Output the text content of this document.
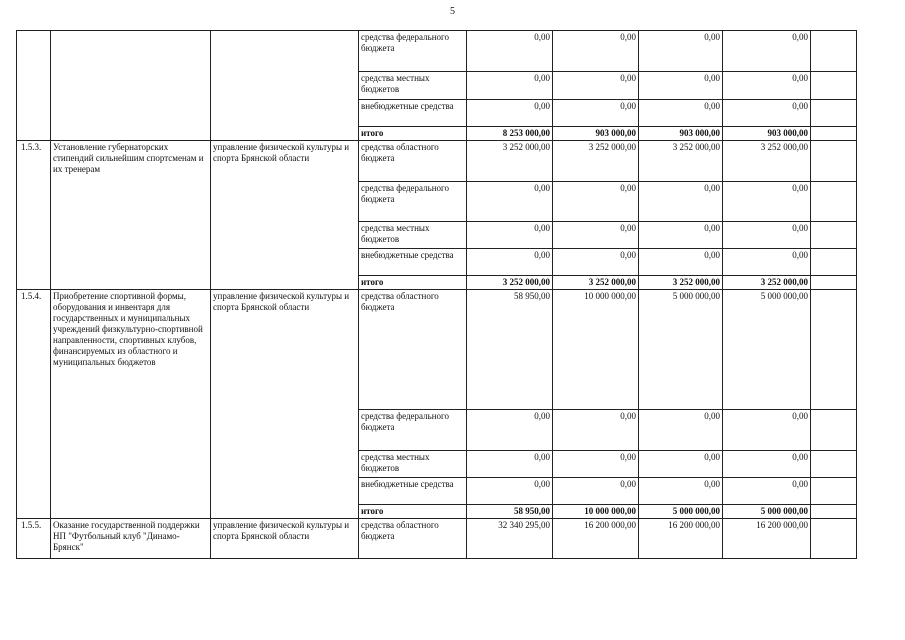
5
			средства федерального бюджета	0,00	0,00	0,00	0,00	
			средства местных бюджетов	0,00	0,00	0,00	0,00	
			внебюджетные средства	0,00	0,00	0,00	0,00	
			итого	8 253 000,00	903 000,00	903 000,00	903 000,00	
1.5.3.	Установление губернаторских стипендий сильнейшим спортсменам и их тренерам	управление физической культуры и спорта Брянской области	средства областного бюджета	3 252 000,00	3 252 000,00	3 252 000,00	3 252 000,00	
			средства федерального бюджета	0,00	0,00	0,00	0,00	
			средства местных бюджетов	0,00	0,00	0,00	0,00	
			внебюджетные средства	0,00	0,00	0,00	0,00	
			итого	3 252 000,00	3 252 000,00	3 252 000,00	3 252 000,00	
1.5.4.	Приобретение спортивной формы, оборудования и инвентаря для государственных и муниципальных учреждений физкультурно-спортивной направленности, спортивных клубов, финансируемых из областного и муниципальных бюджетов	управление физической культуры и спорта Брянской области	средства областного бюджета	58 950,00	10 000 000,00	5 000 000,00	5 000 000,00	
			средства федерального бюджета	0,00	0,00	0,00	0,00	
			средства местных бюджетов	0,00	0,00	0,00	0,00	
			внебюджетные средства	0,00	0,00	0,00	0,00	
			итого	58 950,00	10 000 000,00	5 000 000,00	5 000 000,00	
1.5.5.	Оказание государственной поддержки НП "Футбольный клуб "Динамо-Брянск"	управление физической культуры и спорта Брянской области	средства областного бюджета	32 340 295,00	16 200 000,00	16 200 000,00	16 200 000,00	
